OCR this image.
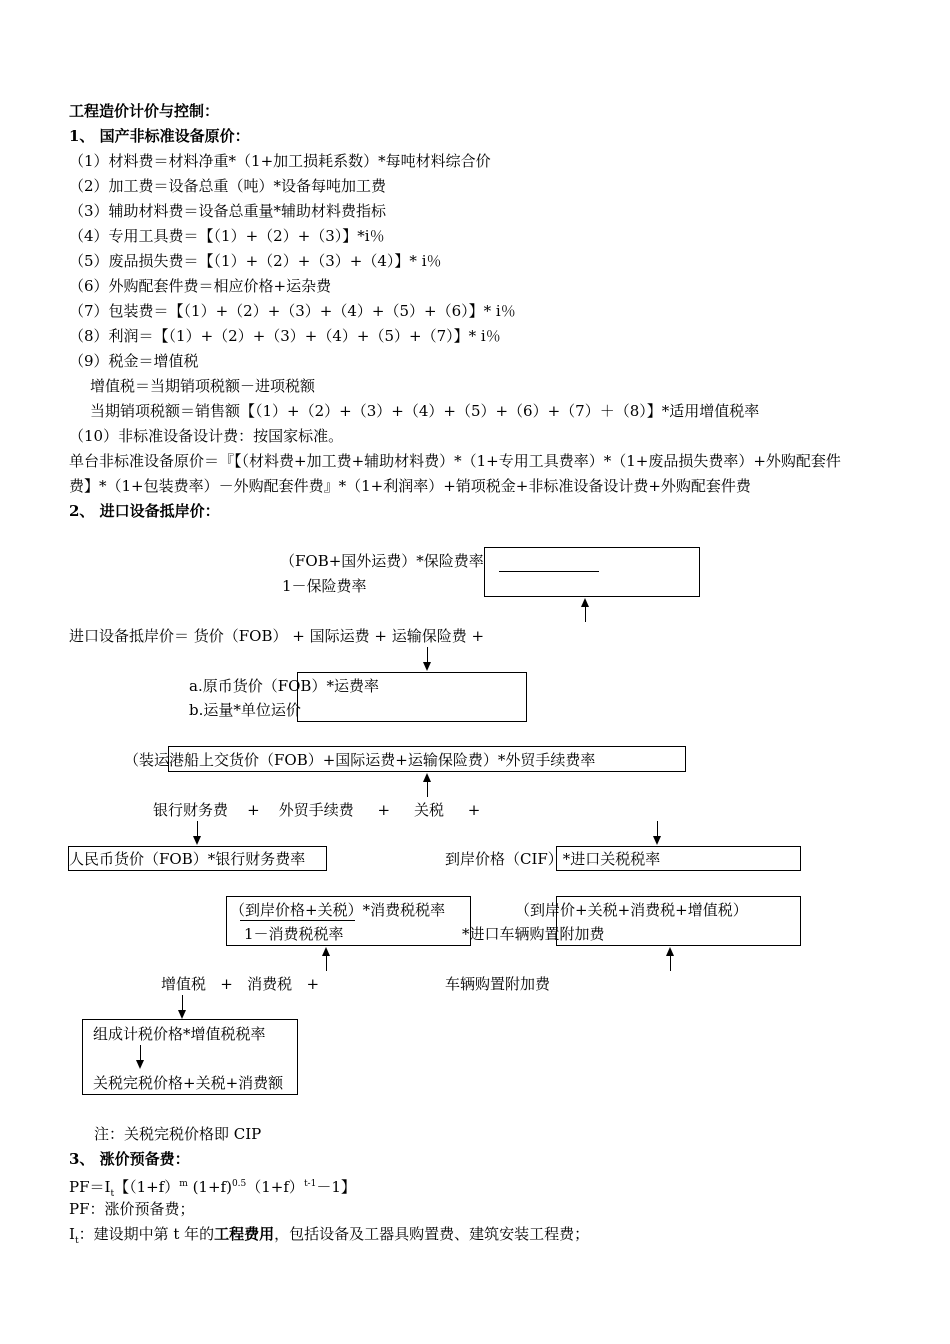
工程造价计价与控制：
1、 国产非标准设备原价：
（1）材料费＝材料净重*（1+加工损耗系数）*每吨材料综合价
（2）加工费＝设备总重（吨）*设备每吨加工费
（3）辅助材料费＝设备总重量*辅助材料费指标
（4）专用工具费＝【（1）+（2）+（3）】*i％
（5）废品损失费＝【（1）+（2）+（3）+（4）】* i％
（6）外购配套件费＝相应价格+运杂费
（7）包装费＝【（1）+（2）+（3）+（4）+（5）+（6）】* i％
（8）利润＝【（1）+（2）+（3）+（4）+（5）+（7）】* i％
（9）税金＝增值税
增值税＝当期销项税额－进项税额
当期销项税额＝销售额【（1）+（2）+（3）+（4）+（5）+（6）+（7）＋（8）】*适用增值税率
（10）非标准设备设计费：按国家标准。
单台非标准设备原价＝『【（材料费+加工费+辅助材料费）*（1+专用工具费率）*（1+废品损失费率）+外购配套件
费】*（1+包装费率）－外购配套件费』*（1+利润率）+销项税金+非标准设备设计费+外购配套件费
2、 进口设备抵岸价：
（FOB+国外运费）*保险费率
1－保险费率
进口设备抵岸价＝ 货价（FOB） + 国际运费 + 运输保险费 +
a.原币货价（FOB）*运费率
b.运量*单位运价
（装运港船上交货价（FOB）+国际运费+运输保险费）*外贸手续费率
银行财务费    +    外贸手续费     +     关税     +
人民币货价（FOB）*银行财务费率	到岸价格（CIF）*进口关税税率
（到岸价格+关税）*消费税税率
1－消费税税率
（到岸价+关税+消费税+增值税）
*进口车辆购置附加费
增值税   +   消费税   +	车辆购置附加费
组成计税价格*增值税税率
关税完税价格+关税+消费额
注：关税完税价格即 CIP
3、 涨价预备费：
$PF=I_t$【$(1+f)^m$ $(1+f)^{0.5}(1+f)^{t-1}-1$】
PF：涨价预备费；
$I_t$：建设期中第 t 年的工程费用，包括设备及工器具购置费、建筑安装工程费；
